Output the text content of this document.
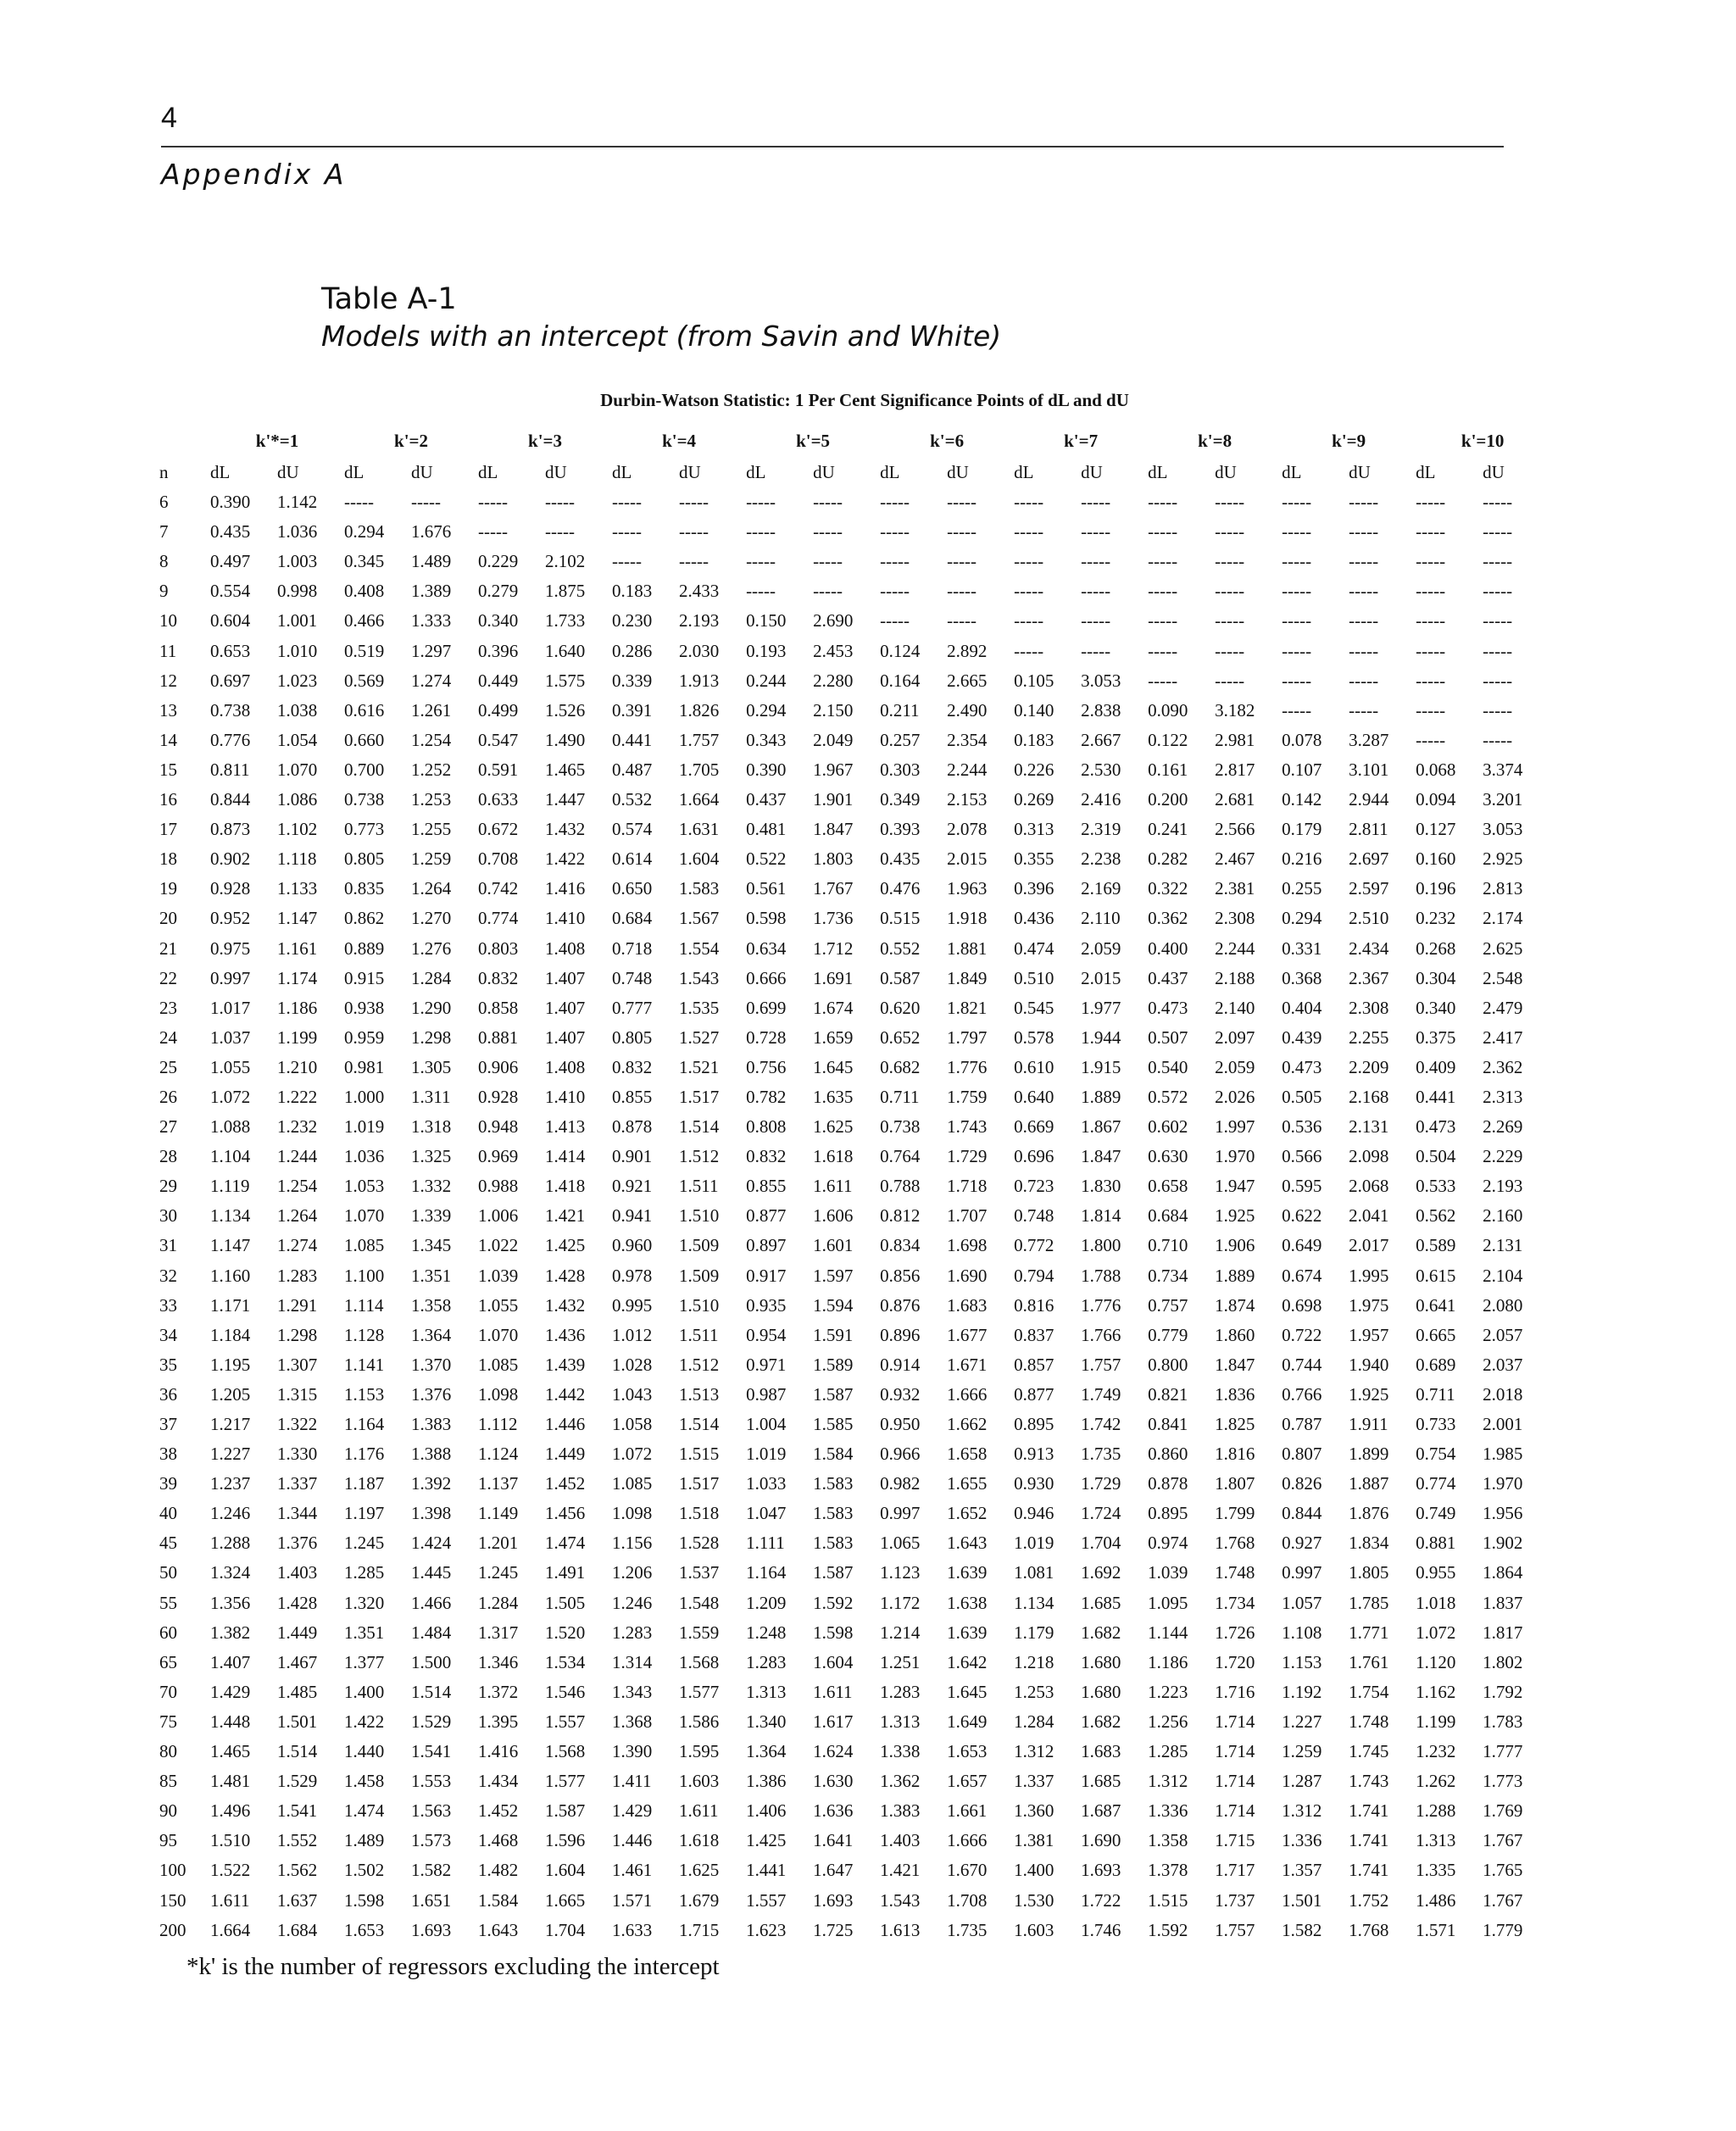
4
Appendix A
Table A-1
Models with an intercept (from Savin and White)
Durbin-Watson Statistic: 1 Per Cent Significance Points of dL and dU
	k'*=1		k'=2		k'=3		k'=4		k'=5		k'=6		k'=7		k'=8		k'=9		k'=10	
n	dL	dU	dL	dU	dL	dU	dL	dU	dL	dU	dL	dU	dL	dU	dL	dU	dL	dU	dL	dU
6	0.390	1.142	-----	-----	-----	-----	-----	-----	-----	-----	-----	-----	-----	-----	-----	-----	-----	-----	-----	-----
7	0.435	1.036	0.294	1.676	-----	-----	-----	-----	-----	-----	-----	-----	-----	-----	-----	-----	-----	-----	-----	-----
8	0.497	1.003	0.345	1.489	0.229	2.102	-----	-----	-----	-----	-----	-----	-----	-----	-----	-----	-----	-----	-----	-----
9	0.554	0.998	0.408	1.389	0.279	1.875	0.183	2.433	-----	-----	-----	-----	-----	-----	-----	-----	-----	-----	-----	-----
10	0.604	1.001	0.466	1.333	0.340	1.733	0.230	2.193	0.150	2.690	-----	-----	-----	-----	-----	-----	-----	-----	-----	-----
11	0.653	1.010	0.519	1.297	0.396	1.640	0.286	2.030	0.193	2.453	0.124	2.892	-----	-----	-----	-----	-----	-----	-----	-----
12	0.697	1.023	0.569	1.274	0.449	1.575	0.339	1.913	0.244	2.280	0.164	2.665	0.105	3.053	-----	-----	-----	-----	-----	-----
13	0.738	1.038	0.616	1.261	0.499	1.526	0.391	1.826	0.294	2.150	0.211	2.490	0.140	2.838	0.090	3.182	-----	-----	-----	-----
14	0.776	1.054	0.660	1.254	0.547	1.490	0.441	1.757	0.343	2.049	0.257	2.354	0.183	2.667	0.122	2.981	0.078	3.287	-----	-----
15	0.811	1.070	0.700	1.252	0.591	1.465	0.487	1.705	0.390	1.967	0.303	2.244	0.226	2.530	0.161	2.817	0.107	3.101	0.068	3.374
16	0.844	1.086	0.738	1.253	0.633	1.447	0.532	1.664	0.437	1.901	0.349	2.153	0.269	2.416	0.200	2.681	0.142	2.944	0.094	3.201
17	0.873	1.102	0.773	1.255	0.672	1.432	0.574	1.631	0.481	1.847	0.393	2.078	0.313	2.319	0.241	2.566	0.179	2.811	0.127	3.053
18	0.902	1.118	0.805	1.259	0.708	1.422	0.614	1.604	0.522	1.803	0.435	2.015	0.355	2.238	0.282	2.467	0.216	2.697	0.160	2.925
19	0.928	1.133	0.835	1.264	0.742	1.416	0.650	1.583	0.561	1.767	0.476	1.963	0.396	2.169	0.322	2.381	0.255	2.597	0.196	2.813
20	0.952	1.147	0.862	1.270	0.774	1.410	0.684	1.567	0.598	1.736	0.515	1.918	0.436	2.110	0.362	2.308	0.294	2.510	0.232	2.174
21	0.975	1.161	0.889	1.276	0.803	1.408	0.718	1.554	0.634	1.712	0.552	1.881	0.474	2.059	0.400	2.244	0.331	2.434	0.268	2.625
22	0.997	1.174	0.915	1.284	0.832	1.407	0.748	1.543	0.666	1.691	0.587	1.849	0.510	2.015	0.437	2.188	0.368	2.367	0.304	2.548
23	1.017	1.186	0.938	1.290	0.858	1.407	0.777	1.535	0.699	1.674	0.620	1.821	0.545	1.977	0.473	2.140	0.404	2.308	0.340	2.479
24	1.037	1.199	0.959	1.298	0.881	1.407	0.805	1.527	0.728	1.659	0.652	1.797	0.578	1.944	0.507	2.097	0.439	2.255	0.375	2.417
25	1.055	1.210	0.981	1.305	0.906	1.408	0.832	1.521	0.756	1.645	0.682	1.776	0.610	1.915	0.540	2.059	0.473	2.209	0.409	2.362
26	1.072	1.222	1.000	1.311	0.928	1.410	0.855	1.517	0.782	1.635	0.711	1.759	0.640	1.889	0.572	2.026	0.505	2.168	0.441	2.313
27	1.088	1.232	1.019	1.318	0.948	1.413	0.878	1.514	0.808	1.625	0.738	1.743	0.669	1.867	0.602	1.997	0.536	2.131	0.473	2.269
28	1.104	1.244	1.036	1.325	0.969	1.414	0.901	1.512	0.832	1.618	0.764	1.729	0.696	1.847	0.630	1.970	0.566	2.098	0.504	2.229
29	1.119	1.254	1.053	1.332	0.988	1.418	0.921	1.511	0.855	1.611	0.788	1.718	0.723	1.830	0.658	1.947	0.595	2.068	0.533	2.193
30	1.134	1.264	1.070	1.339	1.006	1.421	0.941	1.510	0.877	1.606	0.812	1.707	0.748	1.814	0.684	1.925	0.622	2.041	0.562	2.160
31	1.147	1.274	1.085	1.345	1.022	1.425	0.960	1.509	0.897	1.601	0.834	1.698	0.772	1.800	0.710	1.906	0.649	2.017	0.589	2.131
32	1.160	1.283	1.100	1.351	1.039	1.428	0.978	1.509	0.917	1.597	0.856	1.690	0.794	1.788	0.734	1.889	0.674	1.995	0.615	2.104
33	1.171	1.291	1.114	1.358	1.055	1.432	0.995	1.510	0.935	1.594	0.876	1.683	0.816	1.776	0.757	1.874	0.698	1.975	0.641	2.080
34	1.184	1.298	1.128	1.364	1.070	1.436	1.012	1.511	0.954	1.591	0.896	1.677	0.837	1.766	0.779	1.860	0.722	1.957	0.665	2.057
35	1.195	1.307	1.141	1.370	1.085	1.439	1.028	1.512	0.971	1.589	0.914	1.671	0.857	1.757	0.800	1.847	0.744	1.940	0.689	2.037
36	1.205	1.315	1.153	1.376	1.098	1.442	1.043	1.513	0.987	1.587	0.932	1.666	0.877	1.749	0.821	1.836	0.766	1.925	0.711	2.018
37	1.217	1.322	1.164	1.383	1.112	1.446	1.058	1.514	1.004	1.585	0.950	1.662	0.895	1.742	0.841	1.825	0.787	1.911	0.733	2.001
38	1.227	1.330	1.176	1.388	1.124	1.449	1.072	1.515	1.019	1.584	0.966	1.658	0.913	1.735	0.860	1.816	0.807	1.899	0.754	1.985
39	1.237	1.337	1.187	1.392	1.137	1.452	1.085	1.517	1.033	1.583	0.982	1.655	0.930	1.729	0.878	1.807	0.826	1.887	0.774	1.970
40	1.246	1.344	1.197	1.398	1.149	1.456	1.098	1.518	1.047	1.583	0.997	1.652	0.946	1.724	0.895	1.799	0.844	1.876	0.749	1.956
45	1.288	1.376	1.245	1.424	1.201	1.474	1.156	1.528	1.111	1.583	1.065	1.643	1.019	1.704	0.974	1.768	0.927	1.834	0.881	1.902
50	1.324	1.403	1.285	1.445	1.245	1.491	1.206	1.537	1.164	1.587	1.123	1.639	1.081	1.692	1.039	1.748	0.997	1.805	0.955	1.864
55	1.356	1.428	1.320	1.466	1.284	1.505	1.246	1.548	1.209	1.592	1.172	1.638	1.134	1.685	1.095	1.734	1.057	1.785	1.018	1.837
60	1.382	1.449	1.351	1.484	1.317	1.520	1.283	1.559	1.248	1.598	1.214	1.639	1.179	1.682	1.144	1.726	1.108	1.771	1.072	1.817
65	1.407	1.467	1.377	1.500	1.346	1.534	1.314	1.568	1.283	1.604	1.251	1.642	1.218	1.680	1.186	1.720	1.153	1.761	1.120	1.802
70	1.429	1.485	1.400	1.514	1.372	1.546	1.343	1.577	1.313	1.611	1.283	1.645	1.253	1.680	1.223	1.716	1.192	1.754	1.162	1.792
75	1.448	1.501	1.422	1.529	1.395	1.557	1.368	1.586	1.340	1.617	1.313	1.649	1.284	1.682	1.256	1.714	1.227	1.748	1.199	1.783
80	1.465	1.514	1.440	1.541	1.416	1.568	1.390	1.595	1.364	1.624	1.338	1.653	1.312	1.683	1.285	1.714	1.259	1.745	1.232	1.777
85	1.481	1.529	1.458	1.553	1.434	1.577	1.411	1.603	1.386	1.630	1.362	1.657	1.337	1.685	1.312	1.714	1.287	1.743	1.262	1.773
90	1.496	1.541	1.474	1.563	1.452	1.587	1.429	1.611	1.406	1.636	1.383	1.661	1.360	1.687	1.336	1.714	1.312	1.741	1.288	1.769
95	1.510	1.552	1.489	1.573	1.468	1.596	1.446	1.618	1.425	1.641	1.403	1.666	1.381	1.690	1.358	1.715	1.336	1.741	1.313	1.767
100	1.522	1.562	1.502	1.582	1.482	1.604	1.461	1.625	1.441	1.647	1.421	1.670	1.400	1.693	1.378	1.717	1.357	1.741	1.335	1.765
150	1.611	1.637	1.598	1.651	1.584	1.665	1.571	1.679	1.557	1.693	1.543	1.708	1.530	1.722	1.515	1.737	1.501	1.752	1.486	1.767
200	1.664	1.684	1.653	1.693	1.643	1.704	1.633	1.715	1.623	1.725	1.613	1.735	1.603	1.746	1.592	1.757	1.582	1.768	1.571	1.779
*k' is the number of regressors excluding the intercept
